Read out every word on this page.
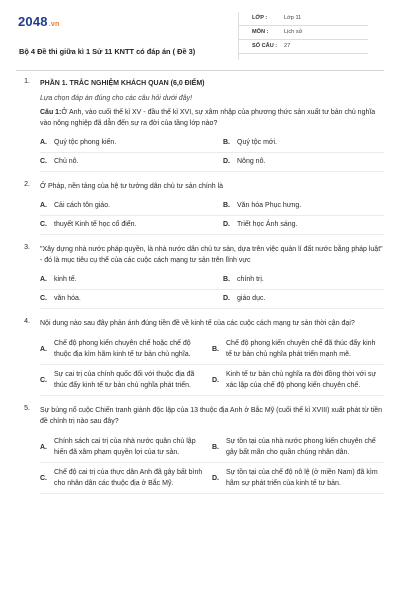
2048.vn
Bộ 4 Đề thi giữa kì 1 Sử 11 KNTT có đáp án ( Đề 3)
LỚP :	Lớp 11
MÔN :	Lịch sử
SỐ CÂU : 27
1. PHẦN 1. TRẮC NGHIỆM KHÁCH QUAN (6,0 ĐIỂM)
Lựa chọn đáp án đúng cho các câu hỏi dưới đây!
Câu 1:Ở Anh, vào cuối thế kỉ XV - đầu thế kỉ XVI, sự xâm nhập của phương thức sản xuất tư bản chủ nghĩa vào nông nghiệp đã dẫn đến sự ra đời của tầng lớp nào?
A. Quý tộc phong kiến.	B. Quý tộc mới.
C. Chủ nô.	D. Nông nô.
2. Ở Pháp, nền tảng của hệ tư tưởng dân chủ tư sản chính là
A. Cải cách tôn giáo.	B. Văn hóa Phục hưng.
C. thuyết Kinh tế học cổ điển.	D. Triết học Ánh sáng.
3. "Xây dựng nhà nước pháp quyền, là nhà nước dân chủ tư sản, dựa trên việc quản lí đất nước bằng pháp luật" - đó là mục tiêu cụ thể của các cuộc cách mạng tư sản trên lĩnh vực
A. kinh tế.	B. chính trị.
C. văn hóa.	D. giáo dục.
4. Nội dung nào sau đây phản ánh đúng tiền đề về kinh tế của các cuộc cách mạng tư sản thời cận đại?
A.
Chế độ phong kiến chuyên chế hoặc chế độ thuộc địa kìm hãm kinh tế tư bản chủ nghĩa.
B.
Chế độ phong kiến chuyên chế đã thúc đẩy kinh tế tư bản chủ nghĩa phát triển mạnh mẽ.
C.
Sự cai trị của chính quốc đối với thuộc địa đã thúc đẩy kinh tế tư bản chủ nghĩa phát triển.
D.
Kinh tế tư bản chủ nghĩa ra đời đồng thời với sự xác lập của chế độ phong kiến chuyên chế.
5. Sự bùng nổ cuộc Chiến tranh giành độc lập của 13 thuộc địa Anh ở Bắc Mỹ (cuối thế kỉ XVIII) xuất phát từ tiền đề chính trị nào sau đây?
A.
Chính sách cai trị của nhà nước quân chủ lập hiến đã xâm phạm quyền lợi của tư sản.
B.
Sự tồn tại của nhà nước phong kiến chuyên chế gây bất mãn cho quần chúng nhân dân.
C.
Chế độ cai trị của thực dân Anh đã gây bất bình cho nhân dân các thuộc địa ở Bắc Mỹ.
D.
Sự tồn tại của chế độ nô lệ (ở miền Nam) đã kìm hãm sự phát triển của kinh tế tư bản.
